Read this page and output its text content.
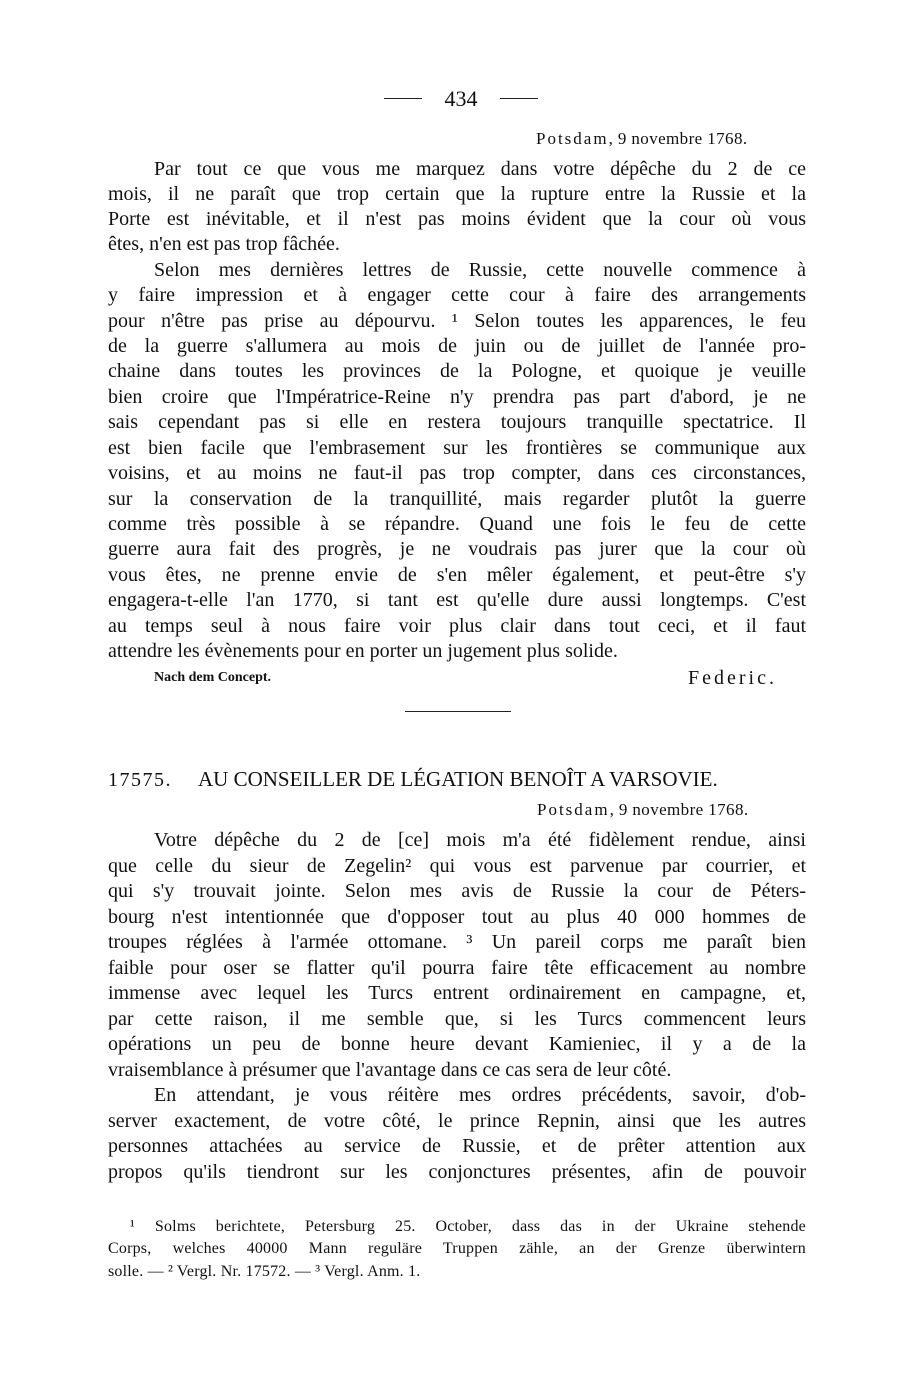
434
Potsdam, 9 novembre 1768.
Par tout ce que vous me marquez dans votre dépêche du 2 de ce
mois, il ne paraît que trop certain que la rupture entre la Russie et la
Porte est inévitable, et il n'est pas moins évident que la cour où vous
êtes, n'en est pas trop fâchée.
Selon mes dernières lettres de Russie, cette nouvelle commence à
y faire impression et à engager cette cour à faire des arrangements
pour n'être pas prise au dépourvu. ¹ Selon toutes les apparences, le feu
de la guerre s'allumera au mois de juin ou de juillet de l'année pro-
chaine dans toutes les provinces de la Pologne, et quoique je veuille
bien croire que l'Impératrice-Reine n'y prendra pas part d'abord, je ne
sais cependant pas si elle en restera toujours tranquille spectatrice. Il
est bien facile que l'embrasement sur les frontières se communique aux
voisins, et au moins ne faut-il pas trop compter, dans ces circonstances,
sur la conservation de la tranquillité, mais regarder plutôt la guerre
comme très possible à se répandre. Quand une fois le feu de cette
guerre aura fait des progrès, je ne voudrais pas jurer que la cour où
vous êtes, ne prenne envie de s'en mêler également, et peut-être s'y
engagera-t-elle l'an 1770, si tant est qu'elle dure aussi longtemps. C'est
au temps seul à nous faire voir plus clair dans tout ceci, et il faut
attendre les évènements pour en porter un jugement plus solide.
Nach dem Concept.	Federic.
17575. AU CONSEILLER DE LÉGATION BENOÎT A VARSOVIE.
Potsdam, 9 novembre 1768.
Votre dépêche du 2 de [ce] mois m'a été fidèlement rendue, ainsi
que celle du sieur de Zegelin² qui vous est parvenue par courrier, et
qui s'y trouvait jointe. Selon mes avis de Russie la cour de Péters-
bourg n'est intentionnée que d'opposer tout au plus 40 000 hommes de
troupes réglées à l'armée ottomane. ³ Un pareil corps me paraît bien
faible pour oser se flatter qu'il pourra faire tête efficacement au nombre
immense avec lequel les Turcs entrent ordinairement en campagne, et,
par cette raison, il me semble que, si les Turcs commencent leurs
opérations un peu de bonne heure devant Kamieniec, il y a de la
vraisemblance à présumer que l'avantage dans ce cas sera de leur côté.
En attendant, je vous réitère mes ordres précédents, savoir, d'ob-
server exactement, de votre côté, le prince Repnin, ainsi que les autres
personnes attachées au service de Russie, et de prêter attention aux
propos qu'ils tiendront sur les conjonctures présentes, afin de pouvoir
¹ Solms berichtete, Petersburg 25. October, dass das in der Ukraine stehende
Corps, welches 40000 Mann reguläre Truppen zähle, an der Grenze überwintern
solle. — ² Vergl. Nr. 17572. — ³ Vergl. Anm. 1.
